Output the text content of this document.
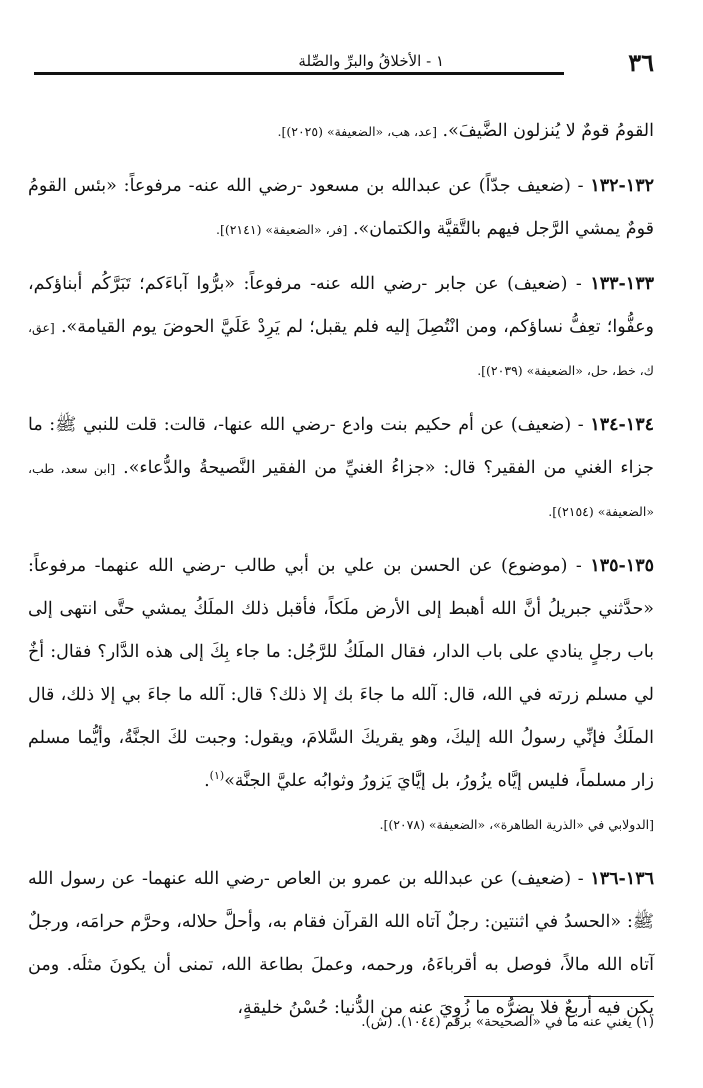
٣٦
١ - الأخلاقُ والبرِّ والصِّلة

القومُ قومٌ لا يُنزلون الضَّيفَ». [عد، هب، «الضعيفة» (٢٠٢٥)].

١٣٢-١٣٢ - (ضعيف جدّاً) عن عبدالله بن مسعود -رضي الله عنه- مرفوعاً: «بئس القومُ قومٌ يمشي الرَّجل فيهم بالتَّقيَّة والكتمان». [فر، «الضعيفة» (٢١٤١)].

١٣٣-١٣٣ - (ضعيف) عن جابر -رضي الله عنه- مرفوعاً: «برُّوا آباءَكم؛ تَبَرَّكُم أبناؤكم، وعفُّوا؛ تعِفُّ نساؤكم، ومن انْتُصِلَ إليه فلم يقبل؛ لم يَرِدْ عَلَيَّ الحوضَ يوم القيامة». [عق، ك، خط، حل، «الضعيفة» (٢٠٣٩)].

١٣٤-١٣٤ - (ضعيف) عن أم حكيم بنت وادع -رضي الله عنها-، قالت: قلت للنبي ﷺ: ما جزاء الغني من الفقير؟ قال: «جزاءُ الغنيِّ من الفقير النَّصيحةُ والدُّعاء». [ابن سعد، طب، «الضعيفة» (٢١٥٤)].

١٣٥-١٣٥ - (موضوع) عن الحسن بن علي بن أبي طالب -رضي الله عنهما- مرفوعاً: «حدَّثني جبريلُ أنَّ الله أهبط إلى الأرض ملَكاً، فأقبل ذلك الملَكُ يمشي حتَّى انتهى إلى باب رجلٍ ينادي على باب الدار، فقال الملَكُ للرَّجُل: ما جاء بِكَ إلى هذه الدَّار؟ فقال: أخٌ لي مسلم زرته في الله، قال: آلله ما جاءَ بك إلا ذلك؟ قال: آلله ما جاءَ بي إلا ذلك، قال الملَكُ فإنِّي رسولُ الله إليكَ، وهو يقريكَ السَّلامَ، ويقول: وجبت لكَ الجنَّةُ، وأيُّما مسلم زار مسلماً، فليس إيَّاه يزُورُ، بل إيَّايَ يَزورُ وثوابُه عليَّ الجنَّة»$^{(١)}$.
[الدولابي في «الذرية الطاهرة»، «الضعيفة» (٢٠٧٨)].

١٣٦-١٣٦ - (ضعيف) عن عبدالله بن عمرو بن العاص -رضي الله عنهما- عن رسول الله ﷺ: «الحسدُ في اثنتين: رجلٌ آتاه الله القرآن فقام به، وأحلَّ حلاله، وحرَّم حرامَه، ورجلٌ آتاه الله مالاً، فوصل به أقرباءَهُ، ورحمه، وعملَ بطاعة الله، تمنى أن يكونَ مثلَه. ومن يكن فيه أربعٌ فلا يضرُّه ما زُوِيَ عنه من الدُّنيا: حُسْنُ خليقةٍ،

(١) يغني عنه ما في «الصحيحة» برقم (١٠٤٤). (ش).
